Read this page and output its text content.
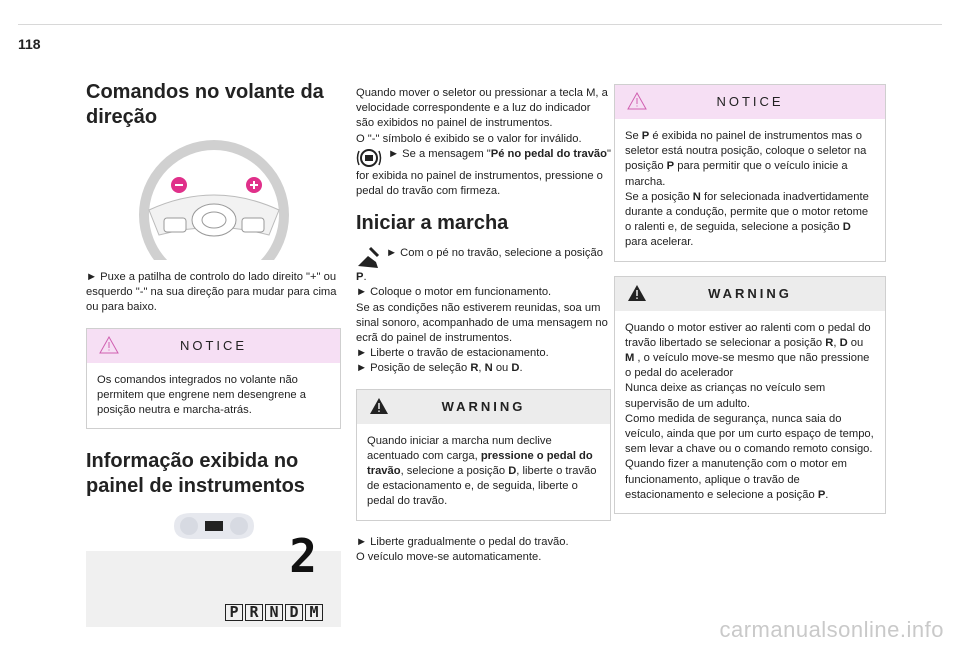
118
Comandos no volante da direção

► Puxe a patilha de controlo do lado direito "+" ou esquerdo "-" na sua direção para mudar para cima ou para baixo.

NOTICE
Os comandos integrados no volante não permitem que engrene nem desengrene a posição neutra e marcha-atrás.
Informação exibida no painel de instrumentos
2
P R N D M

Quando mover o seletor ou pressionar a tecla M, a velocidade correspondente e a luz do indicador são exibidos no painel de instrumentos.

O "-" símbolo é exibido se o valor for inválido.

► Se a mensagem "Pé no pedal do travão" for exibida no painel de instrumentos, pressione o pedal do travão com firmeza.

Iniciar a marcha

► Com o pé no travão, selecione a posição P.

► Coloque o motor em funcionamento.

Se as condições não estiverem reunidas, soa um sinal sonoro, acompanhado de uma mensagem no ecrã do painel de instrumentos.

► Liberte o travão de estacionamento.

► Posição de seleção R, N ou D.

WARNING
Quando iniciar a marcha num declive acentuado com carga, pressione o pedal do travão, selecione a posição D, liberte o travão de estacionamento e, de seguida, liberte o pedal do travão.

► Liberte gradualmente o pedal do travão.

O veículo move-se automaticamente.

NOTICE

Se P é exibida no painel de instrumentos mas o seletor está noutra posição, coloque o seletor na posição P para permitir que o veículo inicie a marcha.

Se a posição N for selecionada inadvertidamente durante a condução, permite que o motor retome o ralenti e, de seguida, selecione a posição D para acelerar.

WARNING

Quando o motor estiver ao ralenti com o pedal do travão libertado se selecionar a posição R, D ou M , o veículo move-se mesmo que não pressione o pedal do acelerador

Nunca deixe as crianças no veículo sem supervisão de um adulto.

Como medida de segurança, nunca saia do veículo, ainda que por um curto espaço de tempo, sem levar a chave ou o comando remoto consigo.

Quando fizer a manutenção com o motor em funcionamento, aplique o travão de estacionamento e selecione a posição P.

carmanualsonline.info
